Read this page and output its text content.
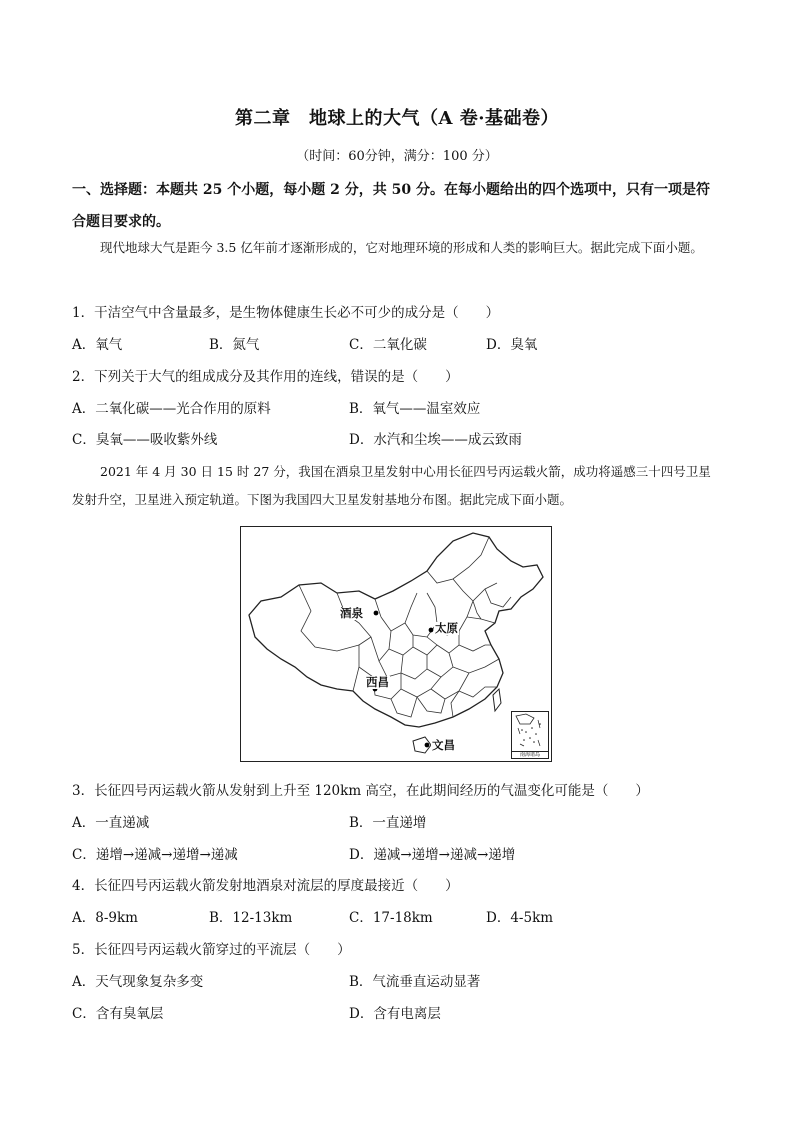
第二章　地球上的大气（A 卷·基础卷）
（时间：60分钟，满分：100 分）
一、选择题：本题共 25 个小题，每小题 2 分，共 50 分。在每小题给出的四个选项中，只有一项是符合题目要求的。
现代地球大气是距今 3.5 亿年前才逐渐形成的，它对地理环境的形成和人类的影响巨大。据此完成下面小题。
1．干洁空气中含量最多，是生物体健康生长必不可少的成分是（　　）
A．氧气	B．氮气	C．二氧化碳	D．臭氧
2．下列关于大气的组成成分及其作用的连线，错误的是（　　）
A．二氧化碳——光合作用的原料	B．氧气——温室效应
C．臭氧——吸收紫外线	D．水汽和尘埃——成云致雨
2021 年 4 月 30 日 15 时 27 分，我国在酒泉卫星发射中心用长征四号丙运载火箭，成功将遥感三十四号卫星发射升空，卫星进入预定轨道。下图为我国四大卫星发射基地分布图。据此完成下面小题。
酒泉
太原
西昌
文昌
南海诸岛
3．长征四号丙运载火箭从发射到上升至 120km 高空，在此期间经历的气温变化可能是（　　）
A．一直递减	B．一直递增
C．递增→递减→递增→递减	D．递减→递增→递减→递增
4．长征四号丙运载火箭发射地酒泉对流层的厚度最接近（　　）
A．8-9km	B．12-13km	C．17-18km	D．4-5km
5．长征四号丙运载火箭穿过的平流层（　　）
A．天气现象复杂多变	B．气流垂直运动显著
C．含有臭氧层	D．含有电离层
